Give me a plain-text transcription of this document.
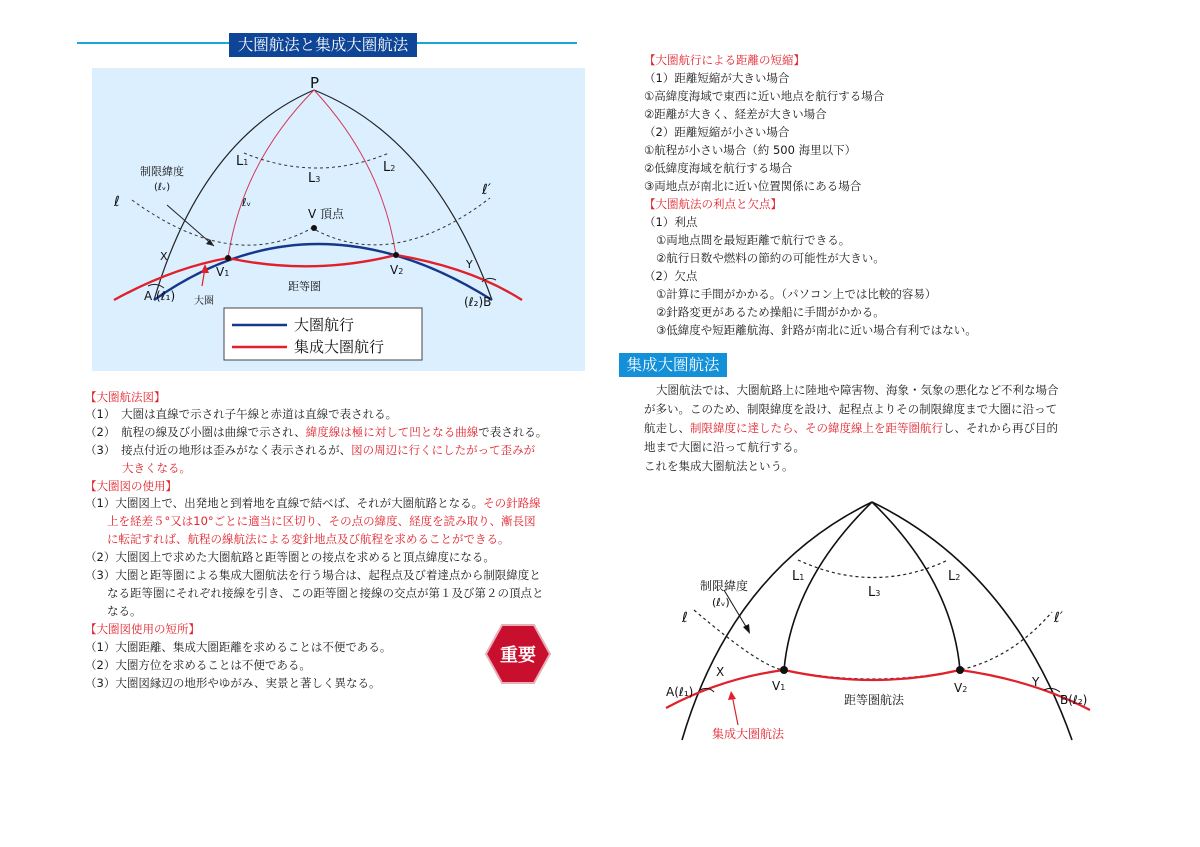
大圏航法と集成大圏航法
P
L1	L2
L3
制限緯度
(ℓᵥ)
ℓ
ℓ′
ℓᵥ
V 頂点
X
Y
V1	V2
距等圏
A (ℓ₁)	(ℓ₂)B
大圏
大圏航行
集成大圏航行
【大圏航法図】
（1）　大圏は直線で示され子午線と赤道は直線で表される。
（2）　航程の線及び小圏は曲線で示され、緯度線は極に対して凹となる曲線で表される。
（3）　接点付近の地形は歪みがなく表示されるが、図の周辺に行くにしたがって歪みが
大きくなる。
【大圏図の使用】
（1）大圏図上で、出発地と到着地を直線で結べば、それが大圏航路となる。その針路線
上を経差５°又は10°ごとに適当に区切り、その点の緯度、経度を読み取り、漸長図
に転記すれば、航程の線航法による変針地点及び航程を求めることができる。
（2）大圏図上で求めた大圏航路と距等圏との接点を求めると頂点緯度になる。
（3）大圏と距等圏による集成大圏航法を行う場合は、起程点及び着達点から制限緯度と
なる距等圏にそれぞれ接線を引き、この距等圏と接線の交点が第１及び第２の頂点と
なる。
【大圏図使用の短所】
（1）大圏距離、集成大圏距離を求めることは不便である。
（2）大圏方位を求めることは不便である。
（3）大圏図縁辺の地形やゆがみ、実景と著しく異なる。
重要
【大圏航行による距離の短縮】
（1）距離短縮が大きい場合
①高緯度海域で東西に近い地点を航行する場合
②距離が大きく、経差が大きい場合
（2）距離短縮が小さい場合
①航程が小さい場合（約 500 海里以下）
②低緯度海域を航行する場合
③両地点が南北に近い位置関係にある場合
【大圏航法の利点と欠点】
（1）利点
①両地点間を最短距離で航行できる。
②航行日数や燃料の節約の可能性が大きい。
（2）欠点
①計算に手間がかかる。（パソコン上では比較的容易）
②針路変更があるため操船に手間がかかる。
③低緯度や短距離航海、針路が南北に近い場合有利ではない。
集成大圏航法
大圏航法では、大圏航路上に陸地や障害物、海象・気象の悪化など不利な場合
が多い。このため、制限緯度を設け、起程点よりその制限緯度まで大圏に沿って
航走し、制限緯度に達したら、その緯度線上を距等圏航行し、それから再び目的
地まで大圏に沿って航行する。
これを集成大圏航法という。
L1	L2
L3
制限緯度
(ℓᵥ)
ℓ	ℓ′
X
Y
V1	V2
距等圏航法
A(ℓ₁)
B(ℓ₂)
集成大圏航法
